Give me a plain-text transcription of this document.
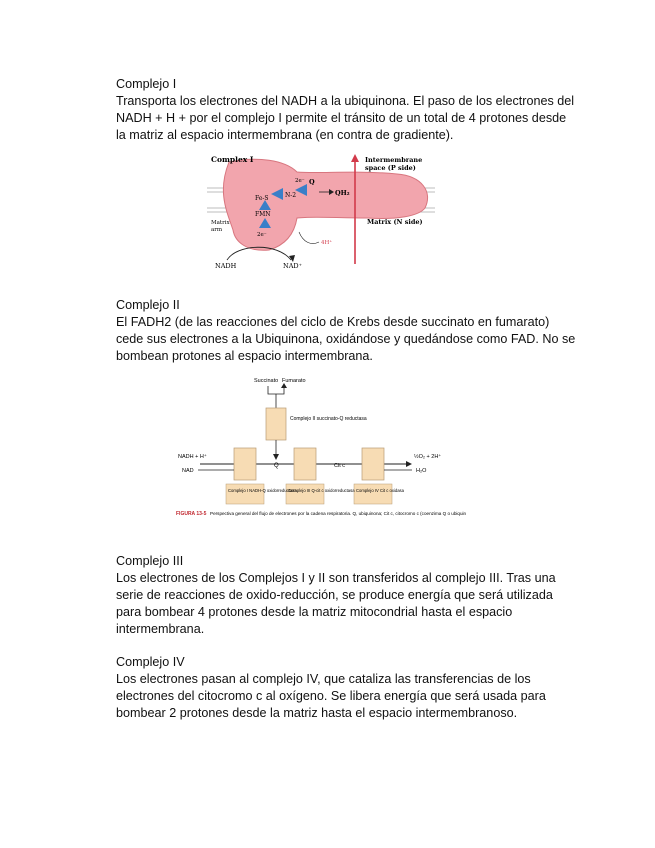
Complejo I

Transporta los electrones del NADH a la ubiquinona. El paso de los electrones del NADH + H + por el complejo I permite el tránsito de un total de 4 protones desde la matriz al espacio intermembrana (en contra de gradiente).

Complex I	Intermembrane
space (P side)
Matrix (N side)
Matrix
arm
N-2
Fe-S
FMN
2e⁻
2e⁻
Q
QH₂
4H⁺
NADH	NAD⁺
Complejo II

El FADH2 (de las reacciones del ciclo de Krebs desde succinato en fumarato) cede sus electrones a la Ubiquinona, oxidándose y quedándose como FAD. No se bombean protones al espacio intermembrana.

Succinato Fumarato
Complejo II succinato-Q reductasa
NADH + H⁺
NAD
Q	Cit c
½O₂ + 2H⁺
H₂O
Complejo I NADH-Q oxidorreductasa
Complejo III Q-cit c oxidorreductasa Complejo IV Cit c oxidasa
FIGURA 13-5 Perspectiva general del flujo de electrones por la cadena respiratoria. Q, ubiquinona; Cit c, citocromo c (coenzima Q o ubiquinona).
Complejo III

Los electrones de los Complejos I y II son transferidos al complejo III. Tras una serie de reacciones de oxido-reducción, se produce energía que será utilizada para bombear 4 protones desde la matriz mitocondrial hasta el espacio intermembrana.

Complejo IV

Los electrones pasan al complejo IV, que cataliza las transferencias de los electrones del citocromo c al oxígeno. Se libera energía que será usada para bombear 2 protones desde la matriz hasta el espacio intermembranoso.
